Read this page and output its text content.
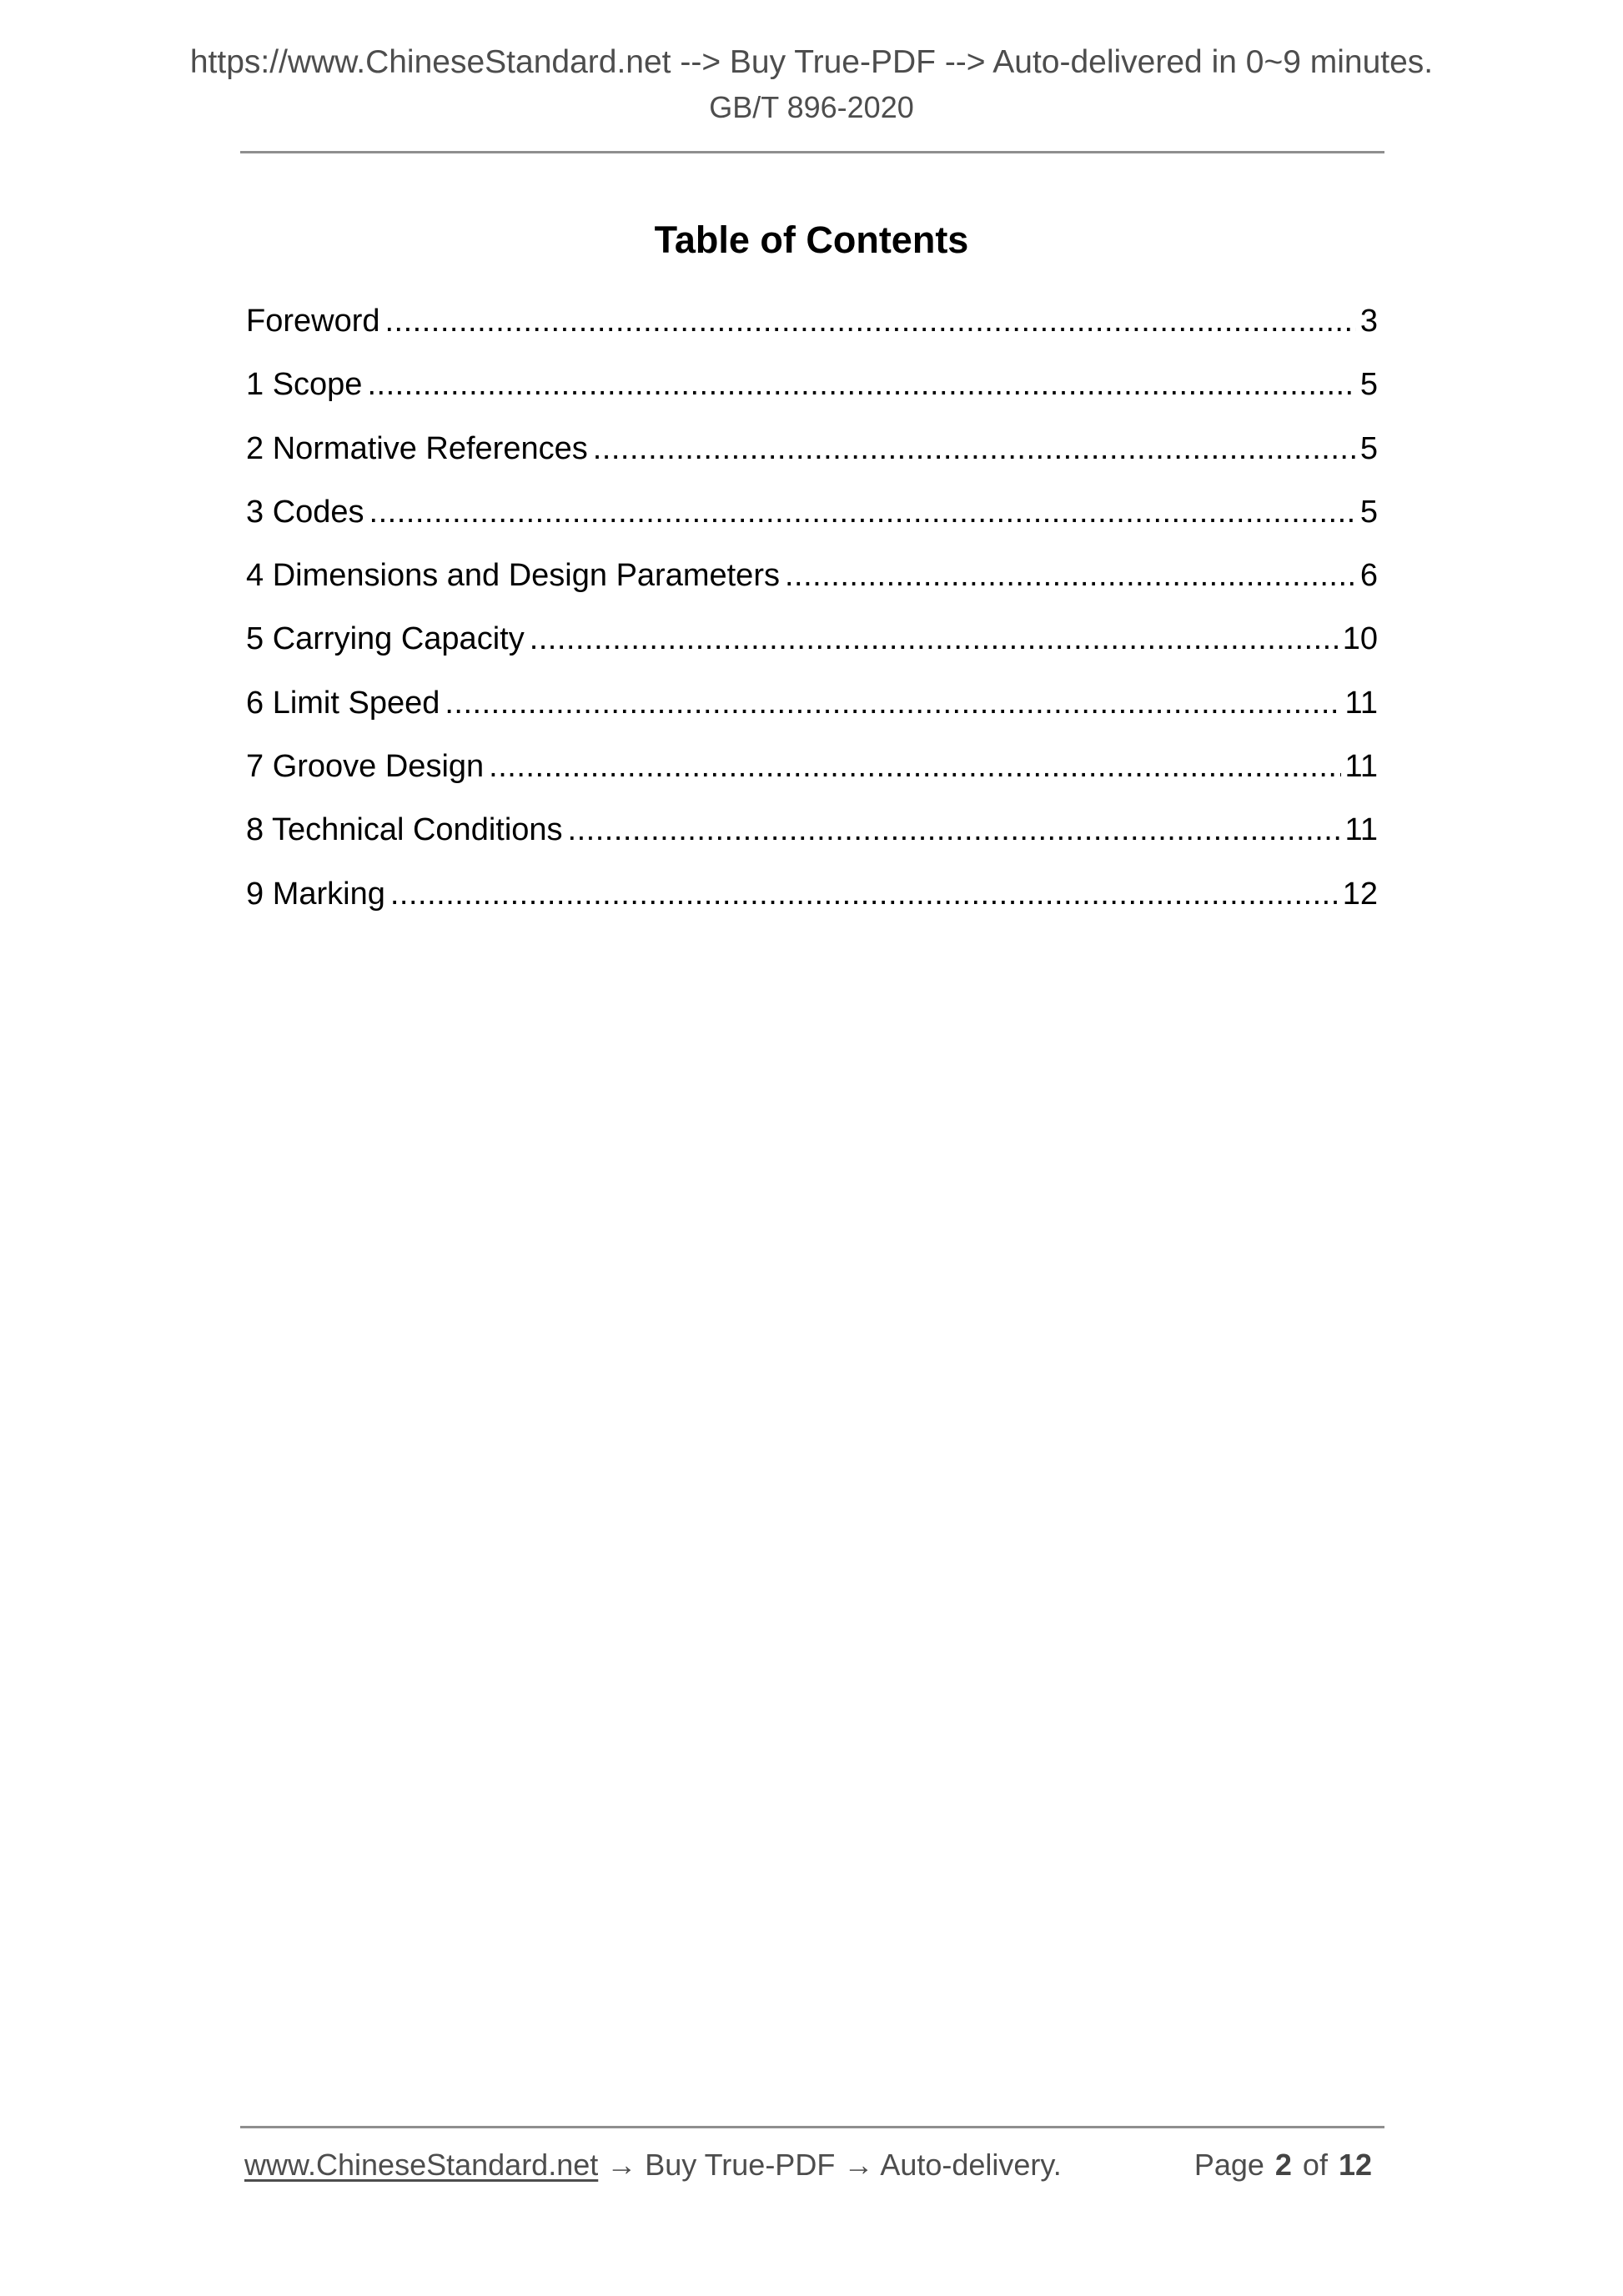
https://www.ChineseStandard.net --> Buy True-PDF --> Auto-delivered in 0~9 minutes.
GB/T 896-2020
Table of Contents
Foreword .....	3
1 Scope .....	5
2 Normative References .....	5
3 Codes .....	5
4 Dimensions and Design Parameters .....	6
5 Carrying Capacity .....	10
6 Limit Speed .....	11
7 Groove Design .....	11
8 Technical Conditions .....	11
9 Marking .....	12
www.ChineseStandard.net → Buy True-PDF → Auto-delivery.	Page 2 of 12
